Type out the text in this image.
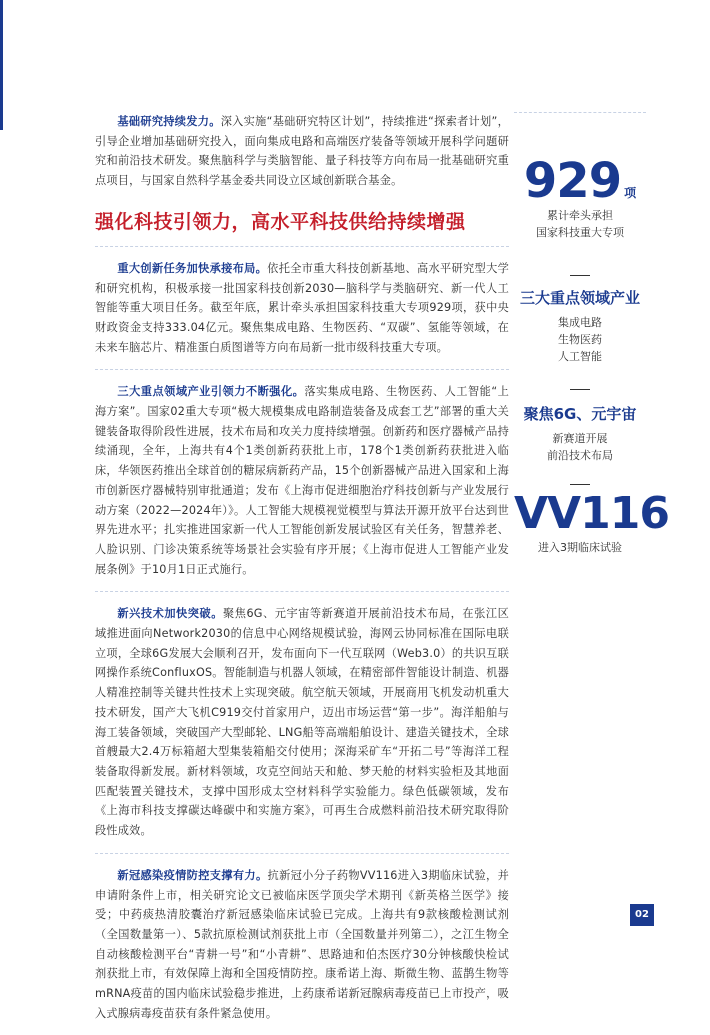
基础研究持续发力。深入实施“基础研究特区计划”，持续推进“探索者计划”，引导企业增加基础研究投入，面向集成电路和高端医疗装备等领域开展科学问题研究和前沿技术研发。聚焦脑科学与类脑智能、量子科技等方向布局一批基础研究重点项目，与国家自然科学基金委共同设立区域创新联合基金。

强化科技引领力，高水平科技供给持续增强

重大创新任务加快承接布局。依托全市重大科技创新基地、高水平研究型大学和研究机构，积极承接一批国家科技创新2030—脑科学与类脑研究、新一代人工智能等重大项目任务。截至年底，累计牵头承担国家科技重大专项929项，获中央财政资金支持333.04亿元。聚焦集成电路、生物医药、“双碳”、氢能等领域，在未来车脑芯片、精准蛋白质图谱等方向布局新一批市级科技重大专项。

三大重点领域产业引领力不断强化。落实集成电路、生物医药、人工智能“上海方案”。国家02重大专项“极大规模集成电路制造装备及成套工艺”部署的重大关键装备取得阶段性进展，技术布局和攻关力度持续增强。创新药和医疗器械产品持续涌现，全年，上海共有4个1类创新药获批上市，178个1类创新药获批进入临床，华领医药推出全球首创的糖尿病新药产品，15个创新器械产品进入国家和上海市创新医疗器械特别审批通道；发布《上海市促进细胞治疗科技创新与产业发展行动方案（2022—2024年）》。人工智能大规模视觉模型与算法开源开放平台达到世界先进水平；扎实推进国家新一代人工智能创新发展试验区有关任务，智慧养老、人脸识别、门诊决策系统等场景社会实验有序开展；《上海市促进人工智能产业发展条例》于10月1日正式施行。

新兴技术加快突破。聚焦6G、元宇宙等新赛道开展前沿技术布局，在张江区域推进面向Network2030的信息中心网络规模试验，海网云协同标准在国际电联立项，全球6G发展大会顺利召开，发布面向下一代互联网（Web3.0）的共识互联网操作系统ConfluxOS。智能制造与机器人领域，在精密部件智能设计制造、机器人精准控制等关键共性技术上实现突破。航空航天领域，开展商用飞机发动机重大技术研发，国产大飞机C919交付首家用户，迈出市场运营“第一步”。海洋船舶与海工装备领域，突破国产大型邮轮、LNG船等高端船舶设计、建造关键技术，全球首艘最大2.4万标箱超大型集装箱船交付使用；深海采矿车“开拓二号”等海洋工程装备取得新发展。新材料领域，攻克空间站天和舱、梦天舱的材料实验柜及其地面匹配装置关键技术，支撑中国形成太空材料科学实验能力。绿色低碳领域，发布《上海市科技支撑碳达峰碳中和实施方案》，可再生合成燃料前沿技术研究取得阶段性成效。

新冠感染疫情防控支撑有力。抗新冠小分子药物VV116进入3期临床试验，并申请附条件上市，相关研究论文已被临床医学顶尖学术期刊《新英格兰医学》接受；中药痰热清胶囊治疗新冠感染临床试验已完成。上海共有9款核酸检测试剂（全国数量第一）、5款抗原检测试剂获批上市（全国数量并列第二），之江生物全自动核酸检测平台“青耕一号”和“小青耕”、思路迪和伯杰医疗30分钟核酸快检试剂获批上市，有效保障上海和全国疫情防控。康希诺上海、斯微生物、蓝鹊生物等mRNA疫苗的国内临床试验稳步推进，上药康希诺新冠腺病毒疫苗已上市投产，吸入式腺病毒疫苗获有条件紧急使用。

929 项
累计牵头承担
国家科技重大专项
三大重点领域产业
集成电路
生物医药
人工智能
聚焦6G、元宇宙
新赛道开展
前沿技术布局
VV116
进入3期临床试验
02
